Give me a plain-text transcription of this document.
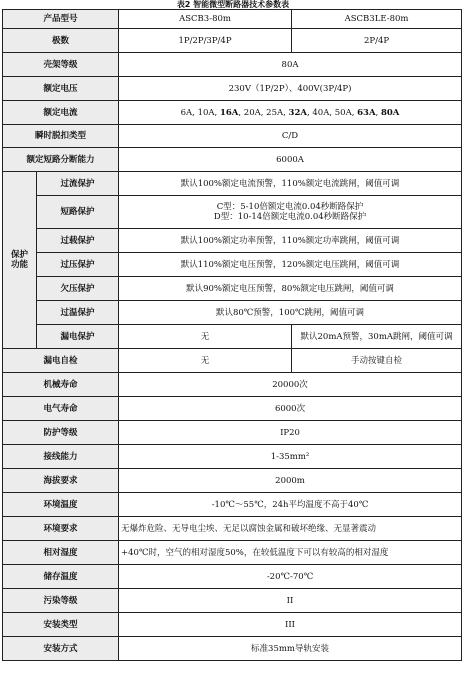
表2 智能微型断路器技术参数表
产品型号		ASCB3-80m	ASCB3LE-80m
极数		1P/2P/3P/4P	2P/4P
壳架等级		80A	
额定电压		230V（1P/2P）、400V(3P/4P)	
额定电流		6A, 10A, 16A, 20A, 25A, 32A, 40A, 50A, 63A, 80A	
瞬时脱扣类型		C/D	
额定短路分断能力		6000A	

保护
功能	过流保护	默认100%额定电流预警，110%额定电流跳闸，阈值可调	
	短路保护	C型：5-10倍额定电流0.04秒断路保护
D型：10-14倍额定电流0.04秒断路保护	

	过载保护	默认100%额定功率预警，110%额定功率跳闸，阈值可调	
	过压保护	默认110%额定电压预警，120%额定电压跳闸，阈值可调	
	欠压保护	默认90%额定电压预警，80%额定电压跳闸，阈值可调	
	过温保护	默认80℃预警，100℃跳闸，阈值可调	
	漏电保护	无	默认20mA预警，30mA跳闸，阈值可调
漏电自检		无	手动按键自检
机械寿命		20000次	
电气寿命		6000次	
防护等级		IP20	
接线能力		1-35mm²	
海拔要求		2000m	
环境温度		-10℃～55℃，24h平均温度不高于40℃	
环境要求		无爆炸危险、无导电尘埃、无足以腐蚀金属和破坏绝缘、无显著震动	
相对湿度		+40℃时，空气的相对湿度50%，在较低温度下可以有较高的相对湿度	
储存温度		-20℃-70℃	
污染等级		II	
安装类型		III	
安装方式		标准35mm导轨安装	
